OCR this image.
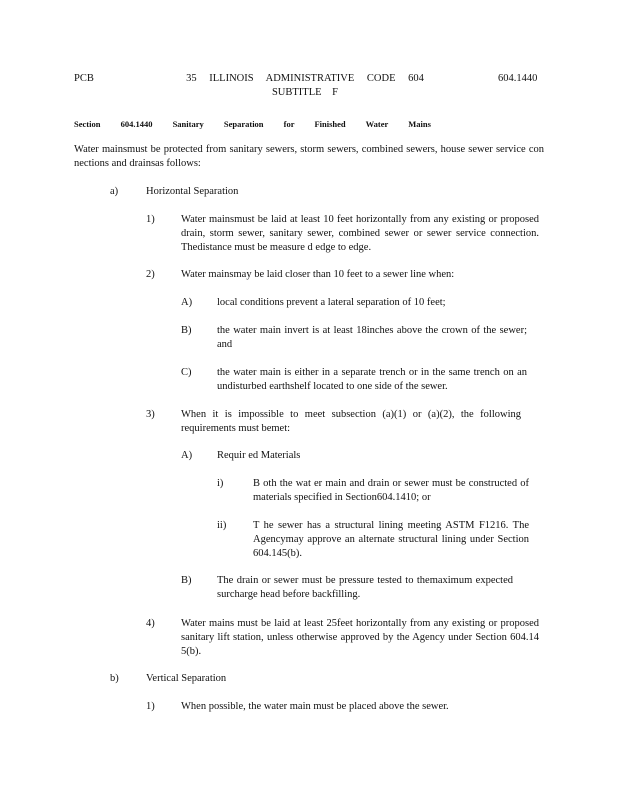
PCB	35 ILLINOIS ADMINISTRATIVE CODE 604
SUBTITLE F
604.1440
Section 604.1440 Sanitary Separation for Finished Water Mains
Water mainsmust be protected from sanitary sewers, storm sewers, combined sewers, house sewer service con nections and drainsas follows:
a)	Horizontal Separation
1)	Water mainsmust be laid at least 10 feet horizontally from any existing or proposed drain, storm sewer, sanitary sewer, combined sewer or sewer service connection. Thedistance must be measure d edge to edge.
2)	Water mainsmay be laid closer than 10 feet to a sewer line when:
A) local conditions prevent a lateral separation of 10 feet;
B) the water main invert is at least 18inches above the crown of the sewer; and
C) the water main is either in a separate trench or in the same trench on an undisturbed earthshelf located to one side of the sewer.
3)	When it is impossible to meet subsection (a)(1) or (a)(2), the following requirements must bemet:
A) Requir ed Materials
i)	B oth the wat er main and drain or sewer must be constructed of materials specified in Section604.1410; or
ii)	T he sewer has a structural lining meeting ASTM F1216. The Agencymay approve an alternate structural lining under Section 604.145(b).
B) The drain or sewer must be pressure tested to themaximum expected surcharge head before backfilling.
4)	Water mains must be laid at least 25feet horizontally from any existing or proposed sanitary lift station, unless otherwise approved by the Agency under Section 604.14 5(b).
b)	Vertical Separation
1)	When possible, the water main must be placed above the sewer.
